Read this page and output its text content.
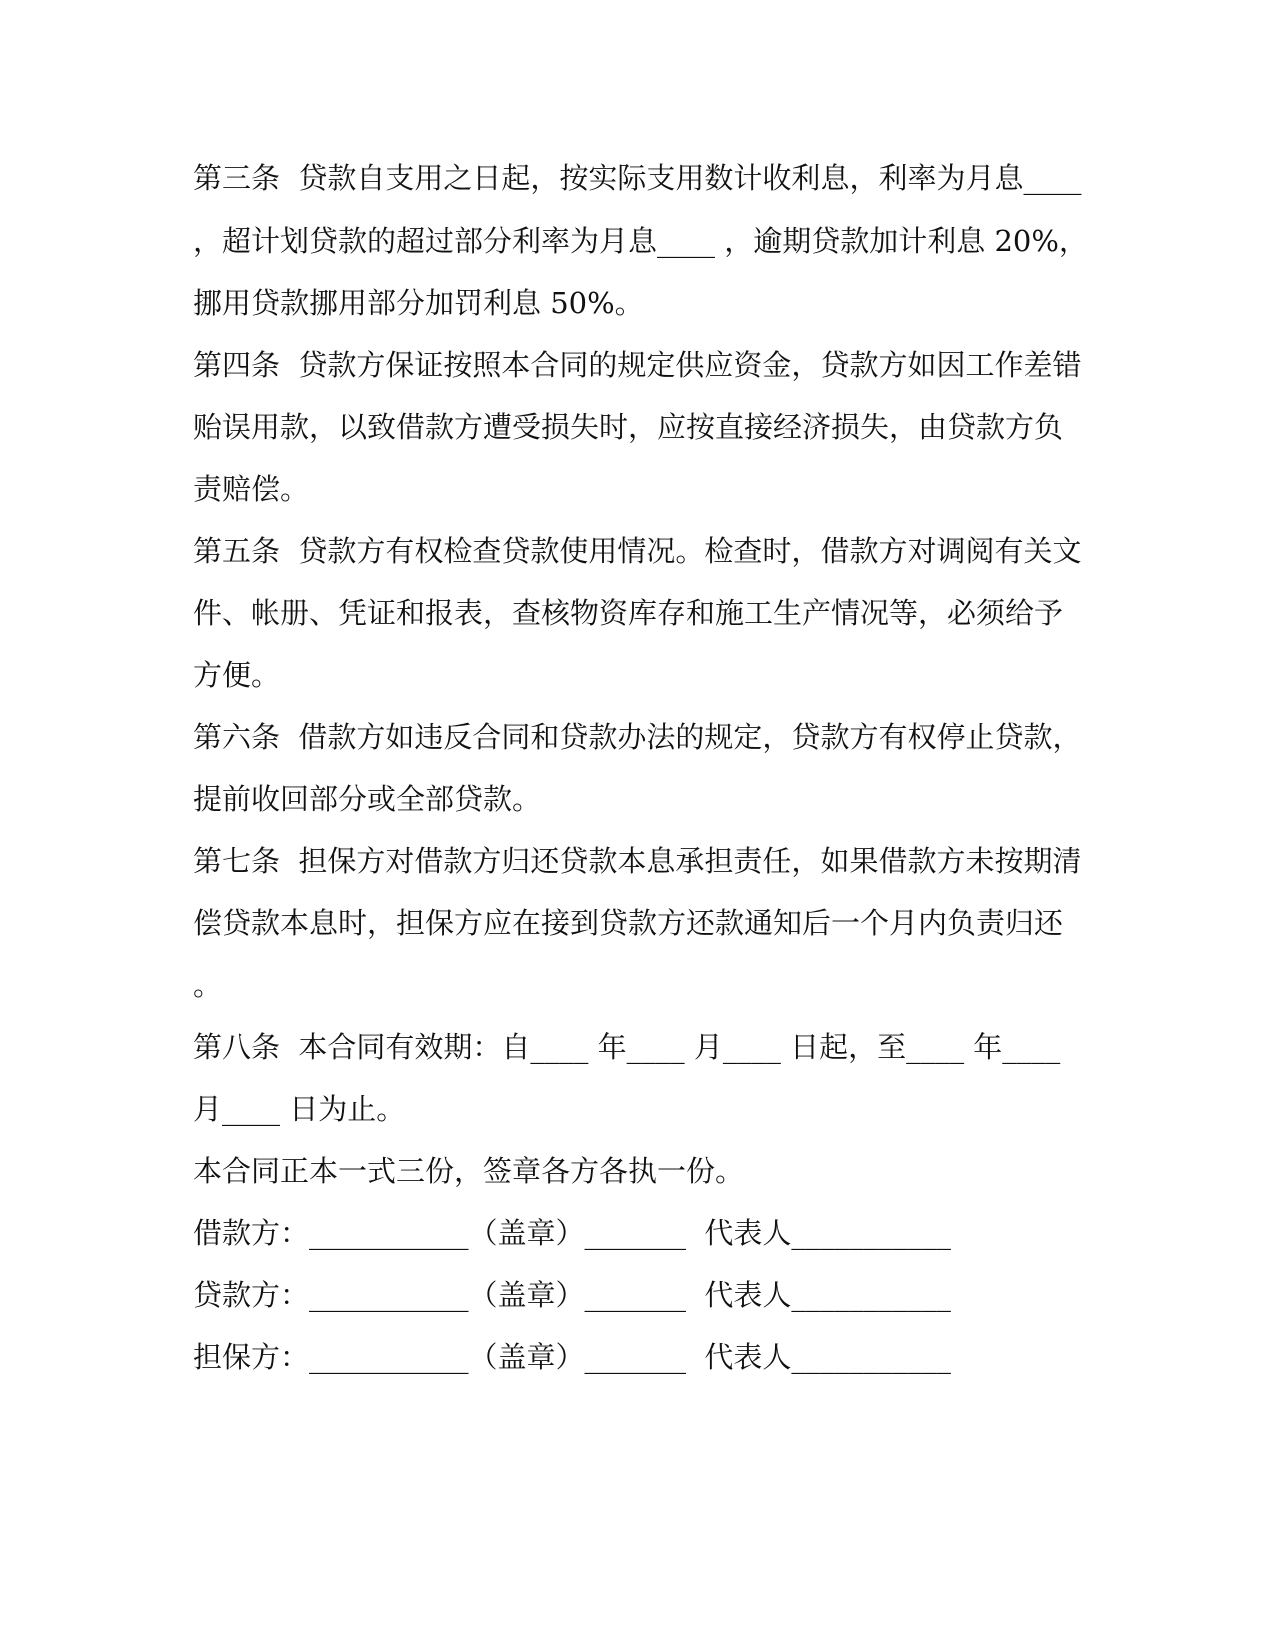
第三条  贷款自支用之日起，按实际支用数计收利息，利率为月息____
，超计划贷款的超过部分利率为月息____ ，逾期贷款加计利息 20%，
挪用贷款挪用部分加罚利息 50%。
第四条  贷款方保证按照本合同的规定供应资金，贷款方如因工作差错
贻误用款，以致借款方遭受损失时，应按直接经济损失，由贷款方负
责赔偿。
第五条  贷款方有权检查贷款使用情况。检查时，借款方对调阅有关文
件、帐册、凭证和报表，查核物资库存和施工生产情况等，必须给予
方便。
第六条  借款方如违反合同和贷款办法的规定，贷款方有权停止贷款，
提前收回部分或全部贷款。
第七条  担保方对借款方归还贷款本息承担责任，如果借款方未按期清
偿贷款本息时，担保方应在接到贷款方还款通知后一个月内负责归还
。
第八条  本合同有效期：自____ 年____ 月____ 日起，至____ 年____
月____ 日为止。
本合同正本一式三份，签章各方各执一份。
借款方：___________（盖章）_______  代表人___________
贷款方：___________（盖章）_______  代表人___________
担保方：___________（盖章）_______  代表人___________
